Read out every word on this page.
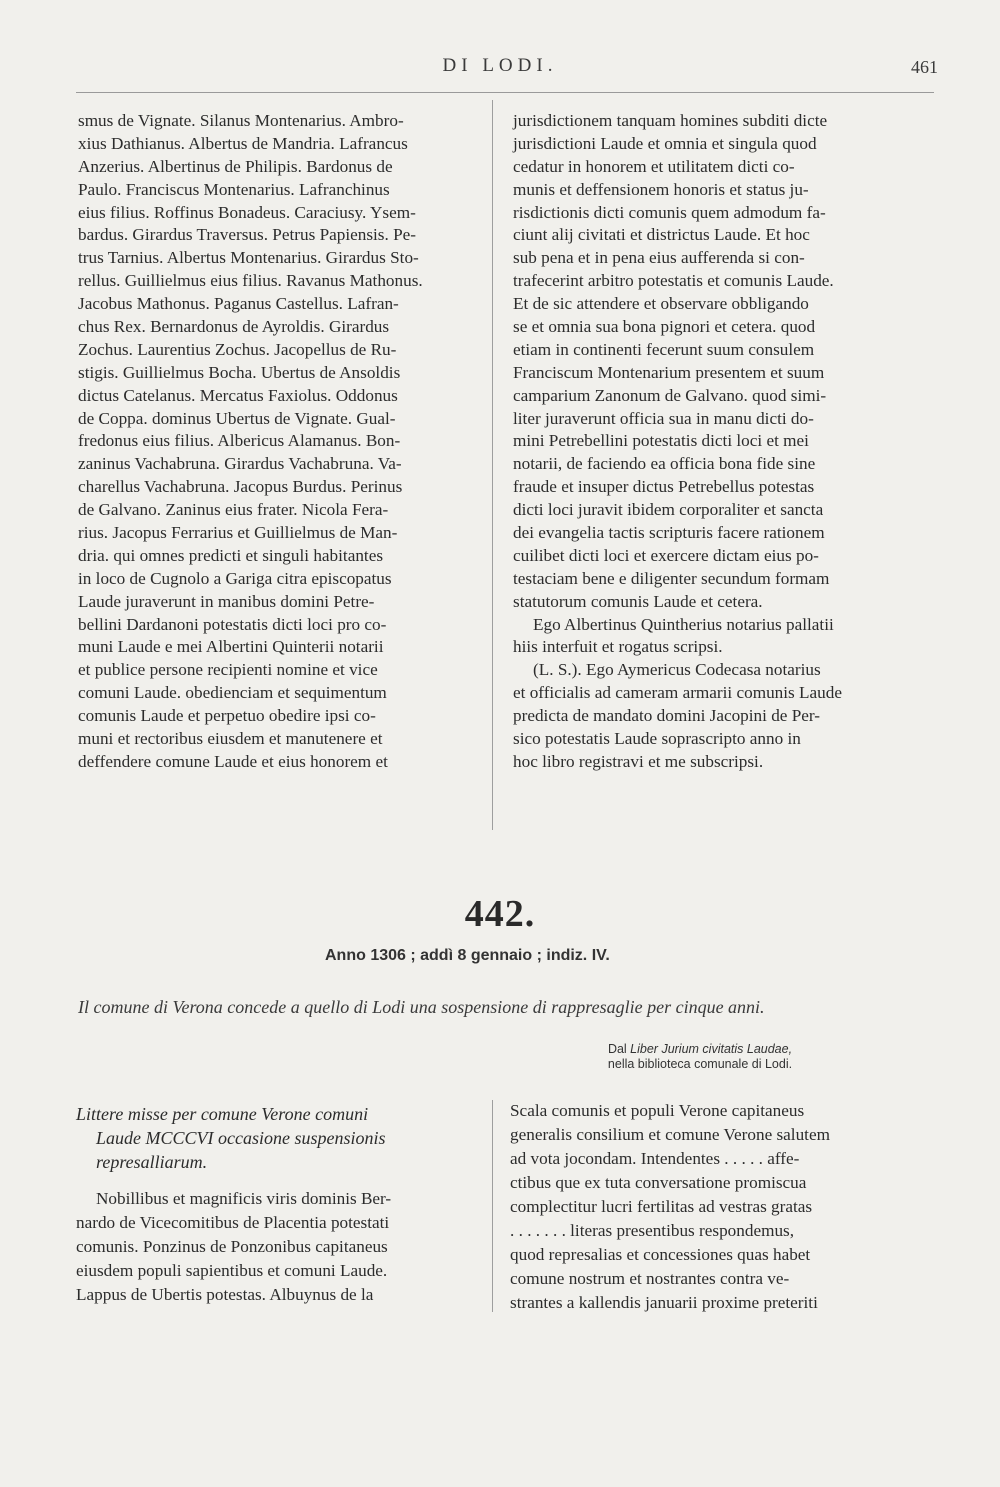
DI LODI.	461
smus de Vignate. Silanus Montenarius. Ambro-
xius Dathianus. Albertus de Mandria. Lafrancus
Anzerius. Albertinus de Philipis. Bardonus de
Paulo. Franciscus Montenarius. Lafranchinus
eius filius. Roffinus Bonadeus. Caraciusy. Ysem-
bardus. Girardus Traversus. Petrus Papiensis. Pe-
trus Tarnius. Albertus Montenarius. Girardus Sto-
rellus. Guillielmus eius filius. Ravanus Mathonus.
Jacobus Mathonus. Paganus Castellus. Lafran-
chus Rex. Bernardonus de Ayroldis. Girardus
Zochus. Laurentius Zochus. Jacopellus de Ru-
stigis. Guillielmus Bocha. Ubertus de Ansoldis
dictus Catelanus. Mercatus Faxiolus. Oddonus
de Coppa. dominus Ubertus de Vignate. Gual-
fredonus eius filius. Albericus Alamanus. Bon-
zaninus Vachabruna. Girardus Vachabruna. Va-
charellus Vachabruna. Jacopus Burdus. Perinus
de Galvano. Zaninus eius frater. Nicola Fera-
rius. Jacopus Ferrarius et Guillielmus de Man-
dria. qui omnes predicti et singuli habitantes
in loco de Cugnolo a Gariga citra episcopatus
Laude juraverunt in manibus domini Petre-
bellini Dardanoni potestatis dicti loci pro co-
muni Laude e mei Albertini Quinterii notarii
et publice persone recipienti nomine et vice
comuni Laude. obedienciam et sequimentum
comunis Laude et perpetuo obedire ipsi co-
muni et rectoribus eiusdem et manutenere et
deffendere comune Laude et eius honorem et
jurisdictionem tanquam homines subditi dicte
jurisdictioni Laude et omnia et singula quod
cedatur in honorem et utilitatem dicti co-
munis et deffensionem honoris et status ju-
risdictionis dicti comunis quem admodum fa-
ciunt alij civitati et districtus Laude. Et hoc
sub pena et in pena eius aufferenda si con-
trafecerint arbitro potestatis et comunis Laude.
Et de sic attendere et observare obbligando
se et omnia sua bona pignori et cetera. quod
etiam in continenti fecerunt suum consulem
Franciscum Montenarium presentem et suum
camparium Zanonum de Galvano. quod simi-
liter juraverunt officia sua in manu dicti do-
mini Petrebellini potestatis dicti loci et mei
notarii, de faciendo ea officia bona fide sine
fraude et insuper dictus Petrebellus potestas
dicti loci juravit ibidem corporaliter et sancta
dei evangelia tactis scripturis facere rationem
cuilibet dicti loci et exercere dictam eius po-
testaciam bene e diligenter secundum formam
statutorum comunis Laude et cetera.
Ego Albertinus Quintherius notarius pallatii
hiis interfuit et rogatus scripsi.
(L. S.). Ego Aymericus Codecasa notarius
et officialis ad cameram armarii comunis Laude
predicta de mandato domini Jacopini de Per-
sico potestatis Laude soprascripto anno in
hoc libro registravi et me subscripsi.
442.
Anno 1306 ; addì 8 gennaio ; indiz. IV.
Il comune di Verona concede a quello di Lodi una sospensione di rappresaglie per cinque anni.
Dal Liber Jurium civitatis Laudae,
nella biblioteca comunale di Lodi.
Littere misse per comune Verone comuni
Laude MCCCVI occasione suspensionis
represalliarum.
Nobillibus et magnificis viris dominis Ber-
nardo de Vicecomitibus de Placentia potestati
comunis. Ponzinus de Ponzonibus capitaneus
eiusdem populi sapientibus et comuni Laude.
Lappus de Ubertis potestas. Albuynus de la
Scala comunis et populi Verone capitaneus
generalis consilium et comune Verone salutem
ad vota jocondam. Intendentes . . . . . affe-
ctibus que ex tuta conversatione promiscua
complectitur lucri fertilitas ad vestras gratas
. . . . . . . literas presentibus respondemus,
quod represalias et concessiones quas habet
comune nostrum et nostrantes contra ve-
strantes a kallendis januarii proxime preteriti
